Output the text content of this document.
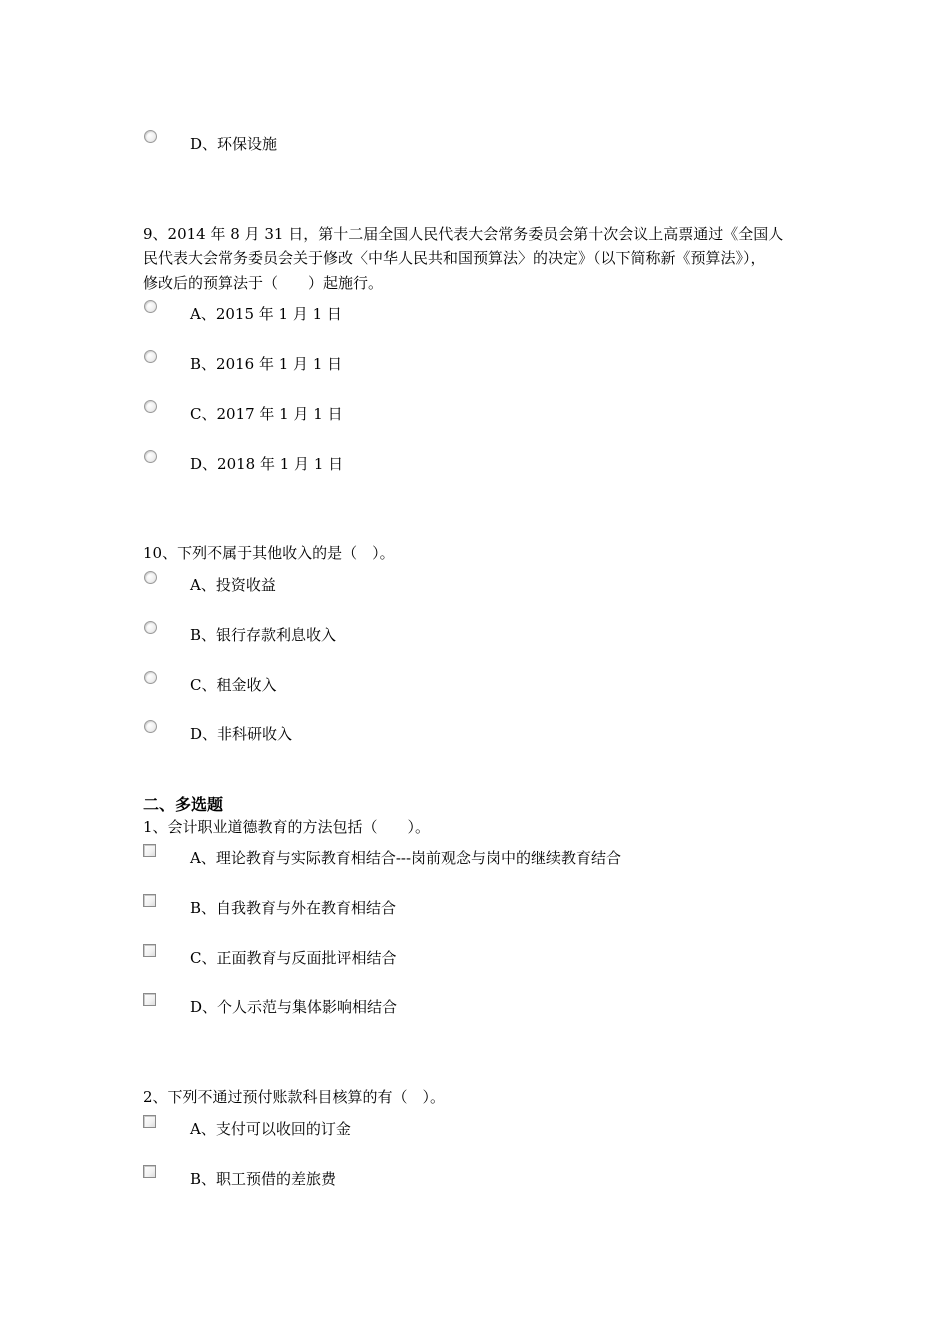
D、环保设施
9、2014 年 8 月 31 日，第十二届全国人民代表大会常务委员会第十次会议上高票通过《全国人
民代表大会常务委员会关于修改〈中华人民共和国预算法〉的决定》（以下简称新《预算法》），
修改后的预算法于（　　）起施行。
A、2015 年 1 月 1 日
B、2016 年 1 月 1 日
C、2017 年 1 月 1 日
D、2018 年 1 月 1 日
10、下列不属于其他收入的是（　）。
A、投资收益
B、银行存款利息收入
C、租金收入
D、非科研收入
二、多选题
1、会计职业道德教育的方法包括（　　）。
A、理论教育与实际教育相结合---岗前观念与岗中的继续教育结合
B、自我教育与外在教育相结合
C、正面教育与反面批评相结合
D、个人示范与集体影响相结合
2、下列不通过预付账款科目核算的有（　）。
A、支付可以收回的订金
B、职工预借的差旅费
